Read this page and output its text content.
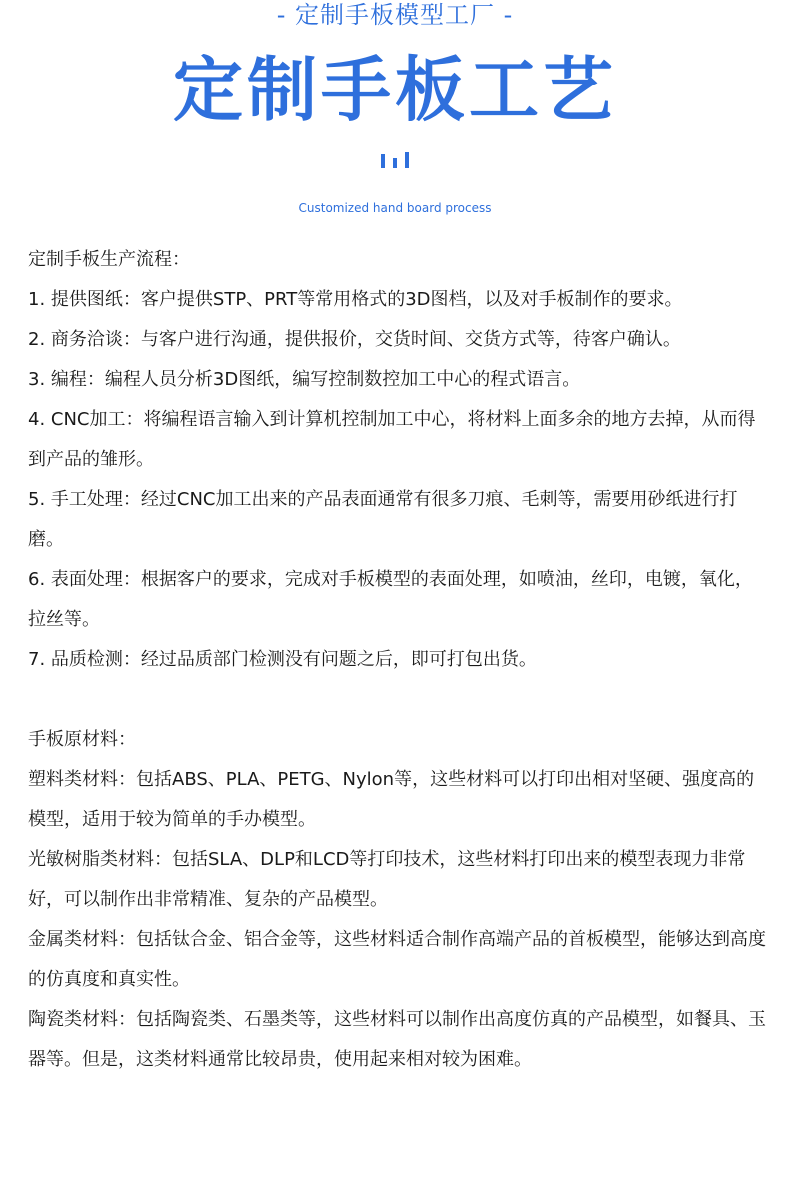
- 定制手板模型工厂 -
定制手板工艺
Customized hand board process

定制手板生产流程：

1. 提供图纸：客户提供STP、PRT等常用格式的3D图档，以及对手板制作的要求。

2. 商务洽谈：与客户进行沟通，提供报价，交货时间、交货方式等，待客户确认。

3. 编程：编程人员分析3D图纸，编写控制数控加工中心的程式语言。

4. CNC加工：将编程语言输入到计算机控制加工中心，将材料上面多余的地方去掉，从而得到产品的雏形。

5. 手工处理：经过CNC加工出来的产品表面通常有很多刀痕、毛刺等，需要用砂纸进行打磨。

6. 表面处理：根据客户的要求，完成对手板模型的表面处理，如喷油，丝印，电镀，氧化，拉丝等。

7. 品质检测：经过品质部门检测没有问题之后，即可打包出货。

手板原材料：

塑料类材料：包括ABS、PLA、PETG、Nylon等，这些材料可以打印出相对坚硬、强度高的模型，适用于较为简单的手办模型。

光敏树脂类材料：包括SLA、DLP和LCD等打印技术，这些材料打印出来的模型表现力非常好，可以制作出非常精准、复杂的产品模型。

金属类材料：包括钛合金、铝合金等，这些材料适合制作高端产品的首板模型，能够达到高度的仿真度和真实性。

陶瓷类材料：包括陶瓷类、石墨类等，这些材料可以制作出高度仿真的产品模型，如餐具、玉器等。但是，这类材料通常比较昂贵，使用起来相对较为困难。
